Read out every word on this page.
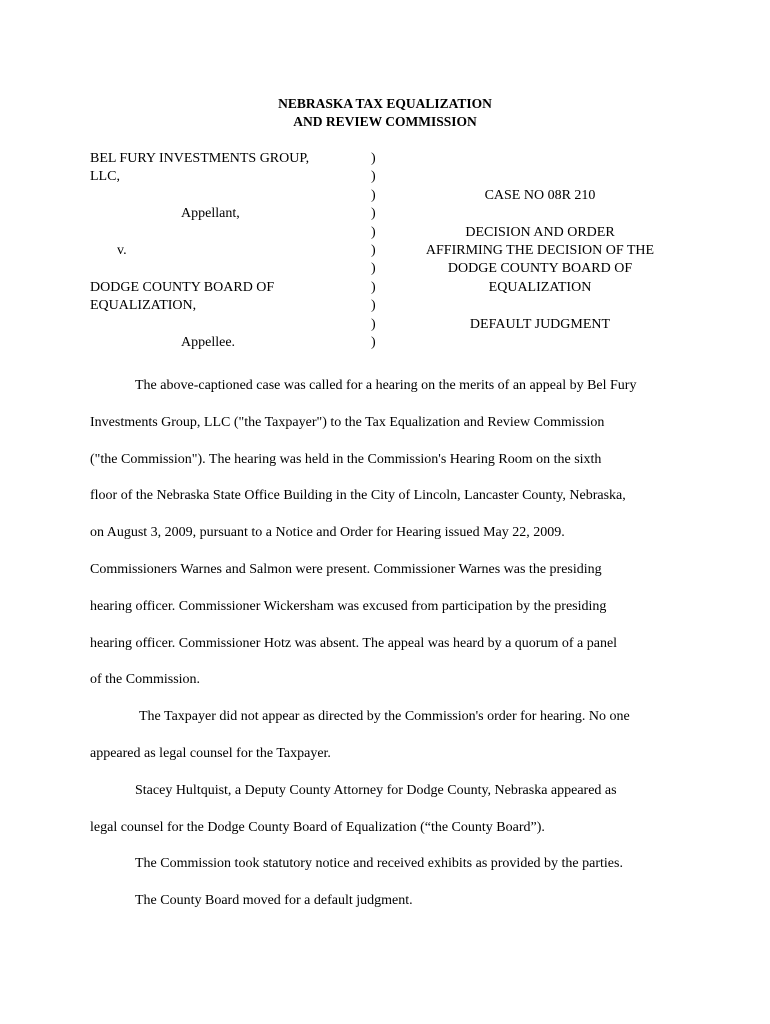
NEBRASKA TAX EQUALIZATION
AND REVIEW COMMISSION
BEL FURY INVESTMENTS GROUP,
LLC,
Appellant,
v.
DODGE COUNTY BOARD OF
EQUALIZATION,
Appellee.
)
)
)
)
)
)
)
)
)
)
)
CASE NO 08R 210
DECISION AND ORDER
AFFIRMING THE DECISION OF THE
DODGE COUNTY BOARD OF
EQUALIZATION
DEFAULT JUDGMENT

The above-captioned case was called for a hearing on the merits of an appeal by Bel Fury

Investments Group, LLC ("the Taxpayer") to the Tax Equalization and Review Commission

("the Commission"). The hearing was held in the Commission's Hearing Room on the sixth

floor of the Nebraska State Office Building in the City of Lincoln, Lancaster County, Nebraska,

on August 3, 2009, pursuant to a Notice and Order for Hearing issued May 22, 2009.

Commissioners Warnes and Salmon were present. Commissioner Warnes was the presiding

hearing officer. Commissioner Wickersham was excused from participation by the presiding

hearing officer. Commissioner Hotz was absent. The appeal was heard by a quorum of a panel

of the Commission.

The Taxpayer did not appear as directed by the Commission's order for hearing. No one

appeared as legal counsel for the Taxpayer.

Stacey Hultquist, a Deputy County Attorney for Dodge County, Nebraska appeared as

legal counsel for the Dodge County Board of Equalization (“the County Board”).

The Commission took statutory notice and received exhibits as provided by the parties.

The County Board moved for a default judgment.
